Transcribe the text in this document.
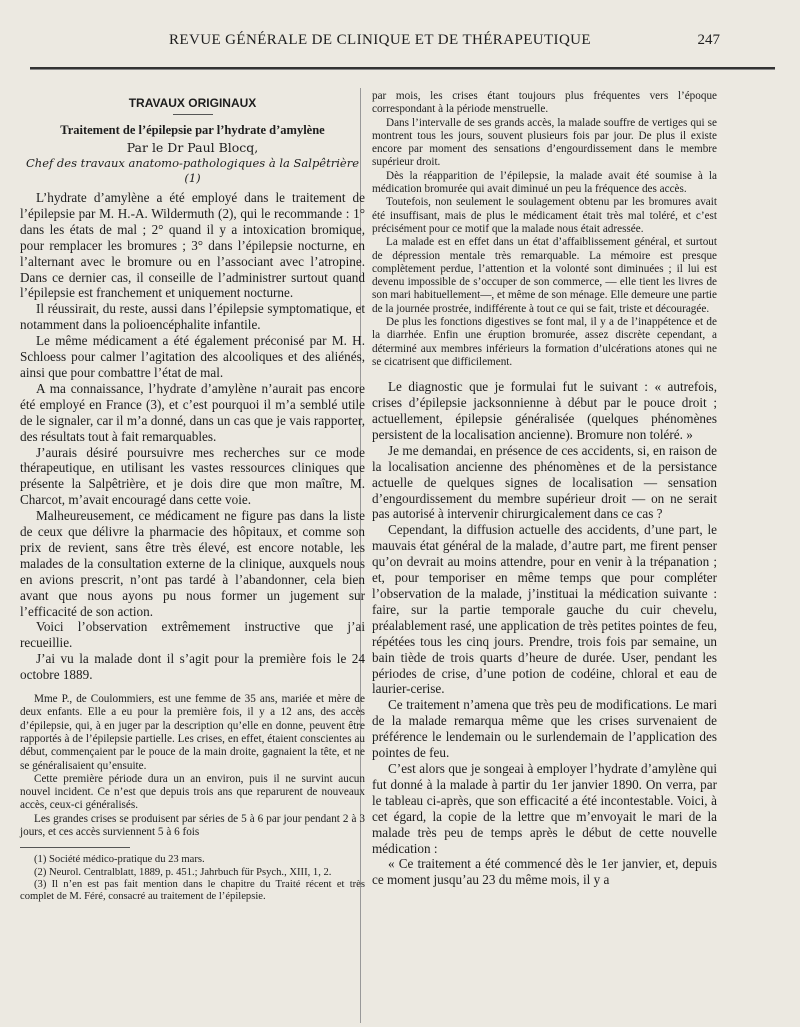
REVUE GÉNÉRALE DE CLINIQUE ET DE THÉRAPEUTIQUE	247
TRAVAUX ORIGINAUX
Traitement de l’épilepsie par l’hydrate d’amylène
Par le Dr Paul Blocq,
Chef des travaux anatomo-pathologiques à la Salpêtrière (1)

L’hydrate d’amylène a été employé dans le traitement de l’épilepsie par M. H.-A. Wildermuth (2), qui le recommande : 1° dans les états de mal ; 2° quand il y a intoxication bromique, pour remplacer les bromures ; 3° dans l’épilepsie nocturne, en l’alternant avec le bromure ou en l’associant avec l’atropine. Dans ce dernier cas, il conseille de l’administrer surtout quand l’épilepsie est franchement et uniquement nocturne.

Il réussirait, du reste, aussi dans l’épilepsie symptomatique, et notamment dans la polioencéphalite infantile.

Le même médicament a été également préconisé par M. H. Schloess pour calmer l’agitation des alcooliques et des aliénés, ainsi que pour combattre l’état de mal.

A ma connaissance, l’hydrate d’amylène n’aurait pas encore été employé en France (3), et c’est pourquoi il m’a semblé utile de le signaler, car il m’a donné, dans un cas que je vais rapporter, des résultats tout à fait remarquables.

J’aurais désiré poursuivre mes recherches sur ce mode thérapeutique, en utilisant les vastes ressources cliniques que présente la Salpêtrière, et je dois dire que mon maître, M. Charcot, m’avait encouragé dans cette voie.

Malheureusement, ce médicament ne figure pas dans la liste de ceux que délivre la pharmacie des hôpitaux, et comme son prix de revient, sans être très élevé, est encore notable, les malades de la consultation externe de la clinique, auxquels nous en avions prescrit, n’ont pas tardé à l’abandonner, cela bien avant que nous ayons pu nous former un jugement sur l’efficacité de son action.

Voici l’observation extrêmement instructive que j’ai recueillie.

J’ai vu la malade dont il s’agit pour la première fois le 24 octobre 1889.

Mme P., de Coulommiers, est une femme de 35 ans, mariée et mère de deux enfants. Elle a eu pour la première fois, il y a 12 ans, des accès d’épilepsie, qui, à en juger par la description qu’elle en donne, peuvent être rapportés à de l’épilepsie partielle. Les crises, en effet, étaient conscientes au début, commençaient par le pouce de la main droite, gagnaient la tête, et ne se généralisaient qu’ensuite.

Cette première période dura un an environ, puis il ne survint aucun nouvel incident. Ce n’est que depuis trois ans que reparurent de nouveaux accès, ceux-ci généralisés.

Les grandes crises se produisent par séries de 5 à 6 par jour pendant 2 à 3 jours, et ces accès surviennent 5 à 6 fois

(1) Société médico-pratique du 23 mars.

(2) Neurol. Centralblatt, 1889, p. 451.; Jahrbuch für Psych., XIII, 1, 2.

(3) Il n’en est pas fait mention dans le chapitre du Traité récent et très complet de M. Féré, consacré au traitement de l’épilepsie.

par mois, les crises étant toujours plus fréquentes vers l’époque correspondant à la période menstruelle.

Dans l’intervalle de ses grands accès, la malade souffre de vertiges qui se montrent tous les jours, souvent plusieurs fois par jour. De plus il existe encore par moment des sensations d’engourdissement dans le membre supérieur droit.

Dès la réapparition de l’épilepsie, la malade avait été soumise à la médication bromurée qui avait diminué un peu la fréquence des accès.

Toutefois, non seulement le soulagement obtenu par les bromures avait été insuffisant, mais de plus le médicament était très mal toléré, et c’est précisément pour ce motif que la malade nous était adressée.

La malade est en effet dans un état d’affaiblissement général, et surtout de dépression mentale très remarquable. La mémoire est presque complètement perdue, l’attention et la volonté sont diminuées ; il lui est devenu impossible de s’occuper de son commerce, — elle tient les livres de son mari habituellement—, et même de son ménage. Elle demeure une partie de la journée prostrée, indifférente à tout ce qui se fait, triste et découragée.

De plus les fonctions digestives se font mal, il y a de l’inappétence et de la diarrhée. Enfin une éruption bromurée, assez discrète cependant, a déterminé aux membres inférieurs la formation d’ulcérations atones qui ne se cicatrisent que difficilement.

Le diagnostic que je formulai fut le suivant : « autrefois, crises d’épilepsie jacksonnienne à début par le pouce droit ; actuellement, épilepsie généralisée (quelques phénomènes persistent de la localisation ancienne). Bromure non toléré. »

Je me demandai, en présence de ces accidents, si, en raison de la localisation ancienne des phénomènes et de la persistance actuelle de quelques signes de localisation — sensation d’engourdissement du membre supérieur droit — on ne serait pas autorisé à intervenir chirurgicalement dans ce cas ?

Cependant, la diffusion actuelle des accidents, d’une part, le mauvais état général de la malade, d’autre part, me firent penser qu’on devrait au moins attendre, pour en venir à la trépanation ; et, pour temporiser en même temps que pour compléter l’observation de la malade, j’instituai la médication suivante : faire, sur la partie temporale gauche du cuir chevelu, préalablement rasé, une application de très petites pointes de feu, répétées tous les cinq jours. Prendre, trois fois par semaine, un bain tiède de trois quarts d’heure de durée. User, pendant les périodes de crise, d’une potion de codéine, chloral et eau de laurier-cerise.

Ce traitement n’amena que très peu de modifications. Le mari de la malade remarqua même que les crises survenaient de préférence le lendemain ou le surlendemain de l’application des pointes de feu.

C’est alors que je songeai à employer l’hydrate d’amylène qui fut donné à la malade à partir du 1er janvier 1890. On verra, par le tableau ci-après, que son efficacité a été incontestable. Voici, à cet égard, la copie de la lettre que m’envoyait le mari de la malade très peu de temps après le début de cette nouvelle médication :

« Ce traitement a été commencé dès le 1er janvier, et, depuis ce moment jusqu’au 23 du même mois, il y a
